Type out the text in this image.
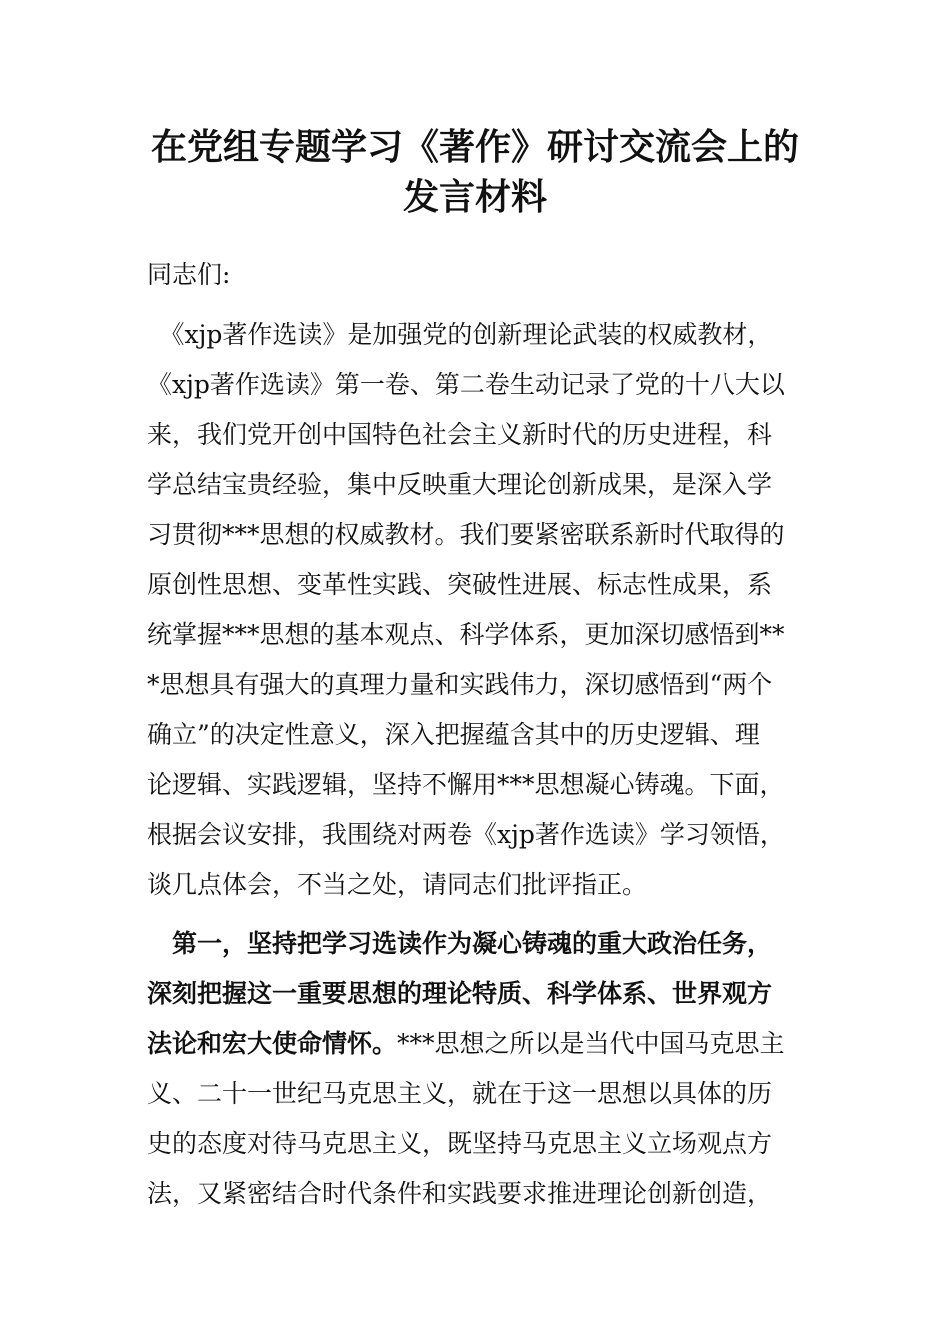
在党组专题学习《著作》研讨交流会上的
发言材料
同志们:
　《xjp著作选读》是加强党的创新理论武装的权威教材，
《xjp著作选读》第一卷、第二卷生动记录了党的十八大以
来，我们党开创中国特色社会主义新时代的历史进程，科
学总结宝贵经验，集中反映重大理论创新成果，是深入学
习贯彻***思想的权威教材。我们要紧密联系新时代取得的
原创性思想、变革性实践、突破性进展、标志性成果，系
统掌握***思想的基本观点、科学体系，更加深切感悟到**
*思想具有强大的真理力量和实践伟力，深切感悟到“两个
确立”的决定性意义，深入把握蕴含其中的历史逻辑、理
论逻辑、实践逻辑，坚持不懈用***思想凝心铸魂。下面，
根据会议安排，我围绕对两卷《xjp著作选读》学习领悟，
谈几点体会，不当之处，请同志们批评指正。
　第一，坚持把学习选读作为凝心铸魂的重大政治任务，
深刻把握这一重要思想的理论特质、科学体系、世界观方
法论和宏大使命情怀。***思想之所以是当代中国马克思主
义、二十一世纪马克思主义，就在于这一思想以具体的历
史的态度对待马克思主义，既坚持马克思主义立场观点方
法，又紧密结合时代条件和实践要求推进理论创新创造，
